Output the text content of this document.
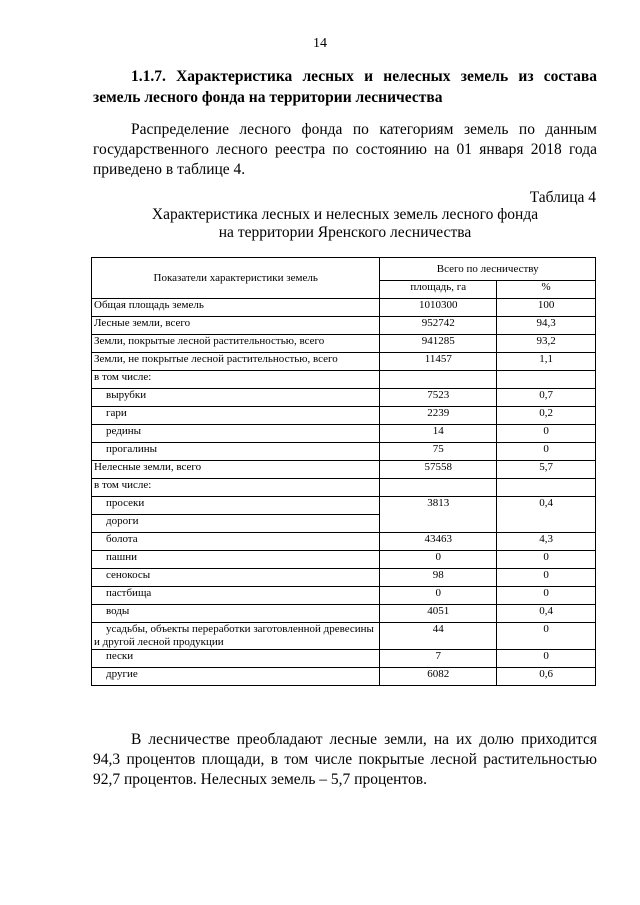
14
1.1.7. Характеристика лесных и нелесных земель из состава земель лесного фонда на территории лесничества
Распределение лесного фонда по категориям земель по данным государственного лесного реестра по состоянию на 01 января 2018 года приведено в таблице 4.
Таблица 4
Характеристика лесных и нелесных земель лесного фонда
на территории Яренского лесничества
Показатели характеристики земель	Всего по лесничеству	
	площадь, га	%
Общая площадь земель	1010300	100
Лесные земли, всего	952742	94,3
Земли, покрытые лесной растительностью, всего	941285	93,2
Земли, не покрытые лесной растительностью, всего	11457	1,1
в том числе:		
вырубки	7523	0,7
гари	2239	0,2
редины	14	0
прогалины	75	0
Нелесные земли, всего	57558	5,7
в том числе:		
просеки	3813	0,4
дороги		
болота	43463	4,3
пашни	0	0
сенокосы	98	0
пастбища	0	0
воды	4051	0,4
усадьбы, объекты переработки заготовленной древесины и другой лесной продукции	44	0
пески	7	0
другие	6082	0,6
В лесничестве преобладают лесные земли, на их долю приходится 94,3 процентов площади, в том числе покрытые лесной растительностью 92,7 процентов. Нелесных земель – 5,7 процентов.
